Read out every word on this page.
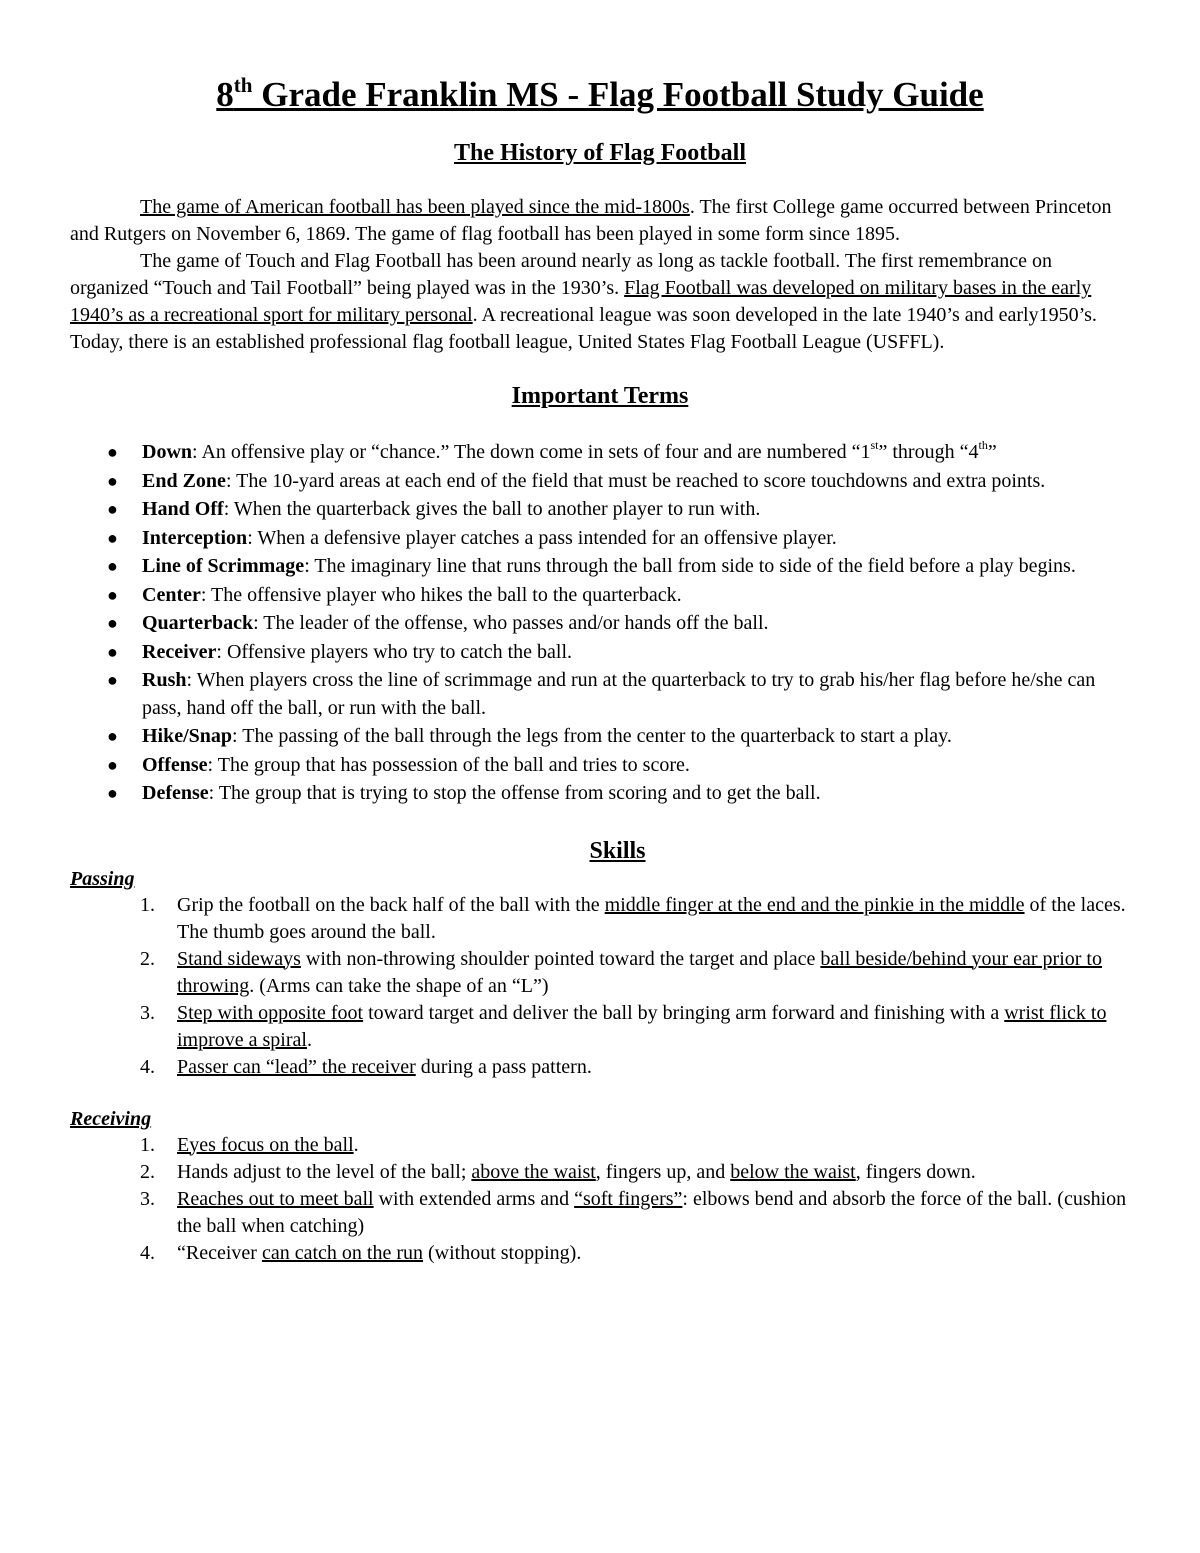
8th Grade Franklin MS - Flag Football Study Guide
The History of Flag Football

The game of American football has been played since the mid-1800s. The first College game occurred between Princeton and Rutgers on November 6, 1869. The game of flag football has been played in some form since 1895.

The game of Touch and Flag Football has been around nearly as long as tackle football. The first remembrance on organized “Touch and Tail Football” being played was in the 1930’s. Flag Football was developed on military bases in the early 1940’s as a recreational sport for military personal. A recreational league was soon developed in the late 1940’s and early1950’s. Today, there is an established professional flag football league, United States Flag Football League (USFFL).

Important Terms
● Down: An offensive play or “chance.” The down come in sets of four and are numbered “1st” through “4th”
● End Zone: The 10-yard areas at each end of the field that must be reached to score touchdowns and extra points.
● Hand Off: When the quarterback gives the ball to another player to run with.
● Interception: When a defensive player catches a pass intended for an offensive player.
● Line of Scrimmage: The imaginary line that runs through the ball from side to side of the field before a play begins.
● Center: The offensive player who hikes the ball to the quarterback.
● Quarterback: The leader of the offense, who passes and/or hands off the ball.
● Receiver: Offensive players who try to catch the ball.
● Rush: When players cross the line of scrimmage and run at the quarterback to try to grab his/her flag before he/she can pass, hand off the ball, or run with the ball.
● Hike/Snap: The passing of the ball through the legs from the center to the quarterback to start a play.
● Offense: The group that has possession of the ball and tries to score.
● Defense: The group that is trying to stop the offense from scoring and to get the ball.
Skills

Passing

1. Grip the football on the back half of the ball with the middle finger at the end and the pinkie in the middle of the laces. The thumb goes around the ball.
2. Stand sideways with non-throwing shoulder pointed toward the target and place ball beside/behind your ear prior to throwing. (Arms can take the shape of an “L”)
3. Step with opposite foot toward target and deliver the ball by bringing arm forward and finishing with a wrist flick to improve a spiral.
4. Passer can “lead” the receiver during a pass pattern.

Receiving

1. Eyes focus on the ball.
2. Hands adjust to the level of the ball; above the waist, fingers up, and below the waist, fingers down.
3. Reaches out to meet ball with extended arms and “soft fingers”: elbows bend and absorb the force of the ball. (cushion the ball when catching)
4. “Receiver can catch on the run (without stopping).
